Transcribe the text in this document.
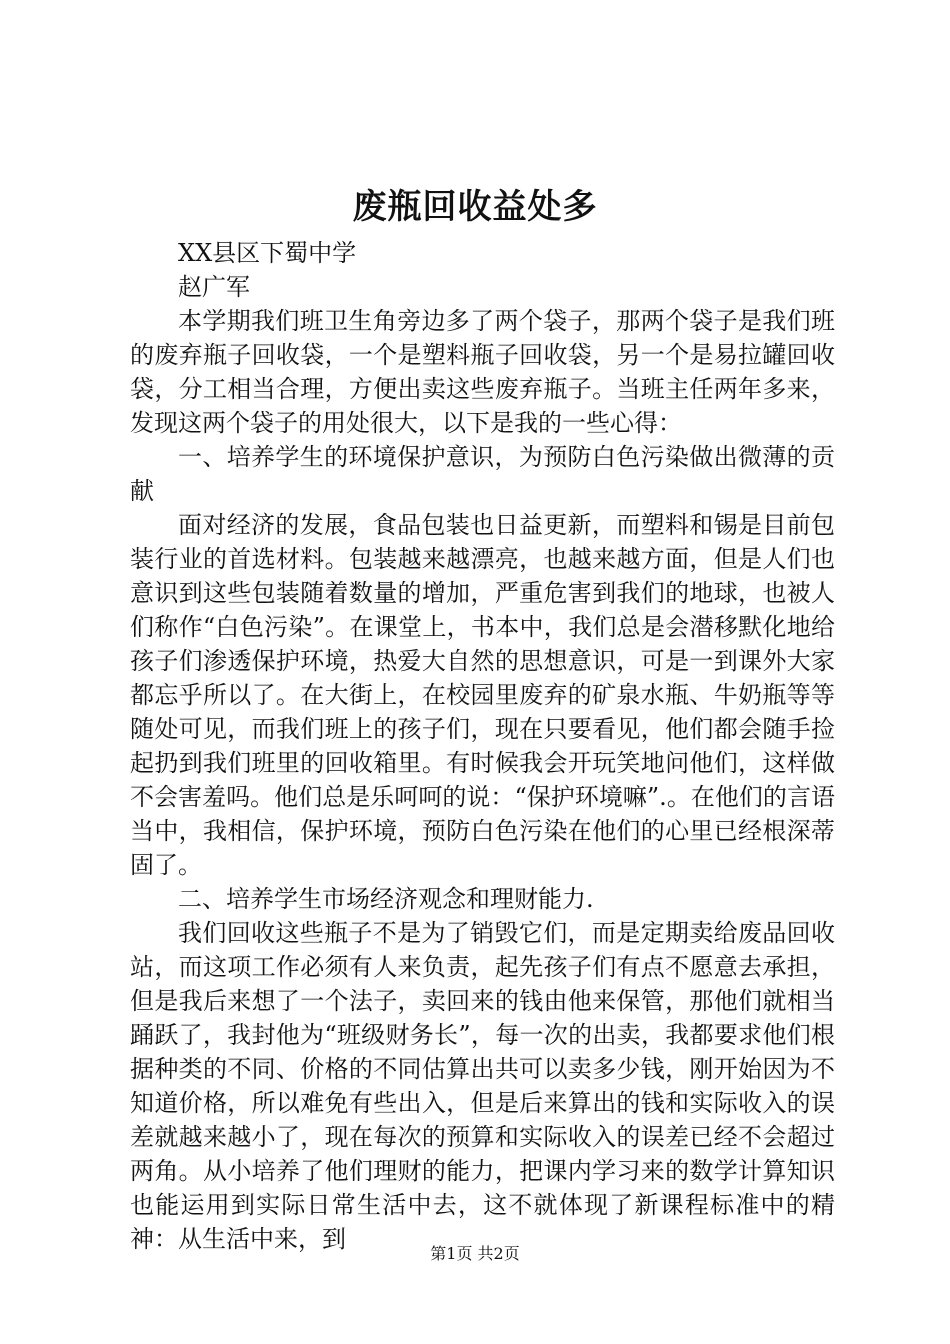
废瓶回收益处多

XX县区下蜀中学

赵广军

本学期我们班卫生角旁边多了两个袋子，那两个袋子是我们班的废弃瓶子回收袋，一个是塑料瓶子回收袋，另一个是易拉罐回收袋，分工相当合理，方便出卖这些废弃瓶子。当班主任两年多来，发现这两个袋子的用处很大，以下是我的一些心得：

一、培养学生的环境保护意识，为预防白色污染做出微薄的贡献

面对经济的发展，食品包装也日益更新，而塑料和锡是目前包装行业的首选材料。包装越来越漂亮，也越来越方面，但是人们也意识到这些包装随着数量的增加，严重危害到我们的地球，也被人们称作“白色污染”。在课堂上，书本中，我们总是会潜移默化地给孩子们渗透保护环境，热爱大自然的思想意识，可是一到课外大家都忘乎所以了。在大街上，在校园里废弃的矿泉水瓶、牛奶瓶等等随处可见，而我们班上的孩子们，现在只要看见，他们都会随手捡起扔到我们班里的回收箱里。有时候我会开玩笑地问他们，这样做不会害羞吗。他们总是乐呵呵的说：“保护环境嘛”.。在他们的言语当中，我相信，保护环境，预防白色污染在他们的心里已经根深蒂固了。

二、培养学生市场经济观念和理财能力.

我们回收这些瓶子不是为了销毁它们，而是定期卖给废品回收站，而这项工作必须有人来负责，起先孩子们有点不愿意去承担，但是我后来想了一个法子，卖回来的钱由他来保管，那他们就相当踊跃了，我封他为“班级财务长”，每一次的出卖，我都要求他们根据种类的不同、价格的不同估算出共可以卖多少钱，刚开始因为不知道价格，所以难免有些出入，但是后来算出的钱和实际收入的误差就越来越小了，现在每次的预算和实际收入的误差已经不会超过两角。从小培养了他们理财的能力，把课内学习来的数学计算知识也能运用到实际日常生活中去，这不就体现了新课程标准中的精神：从生活中来，到

第1页 共2页
